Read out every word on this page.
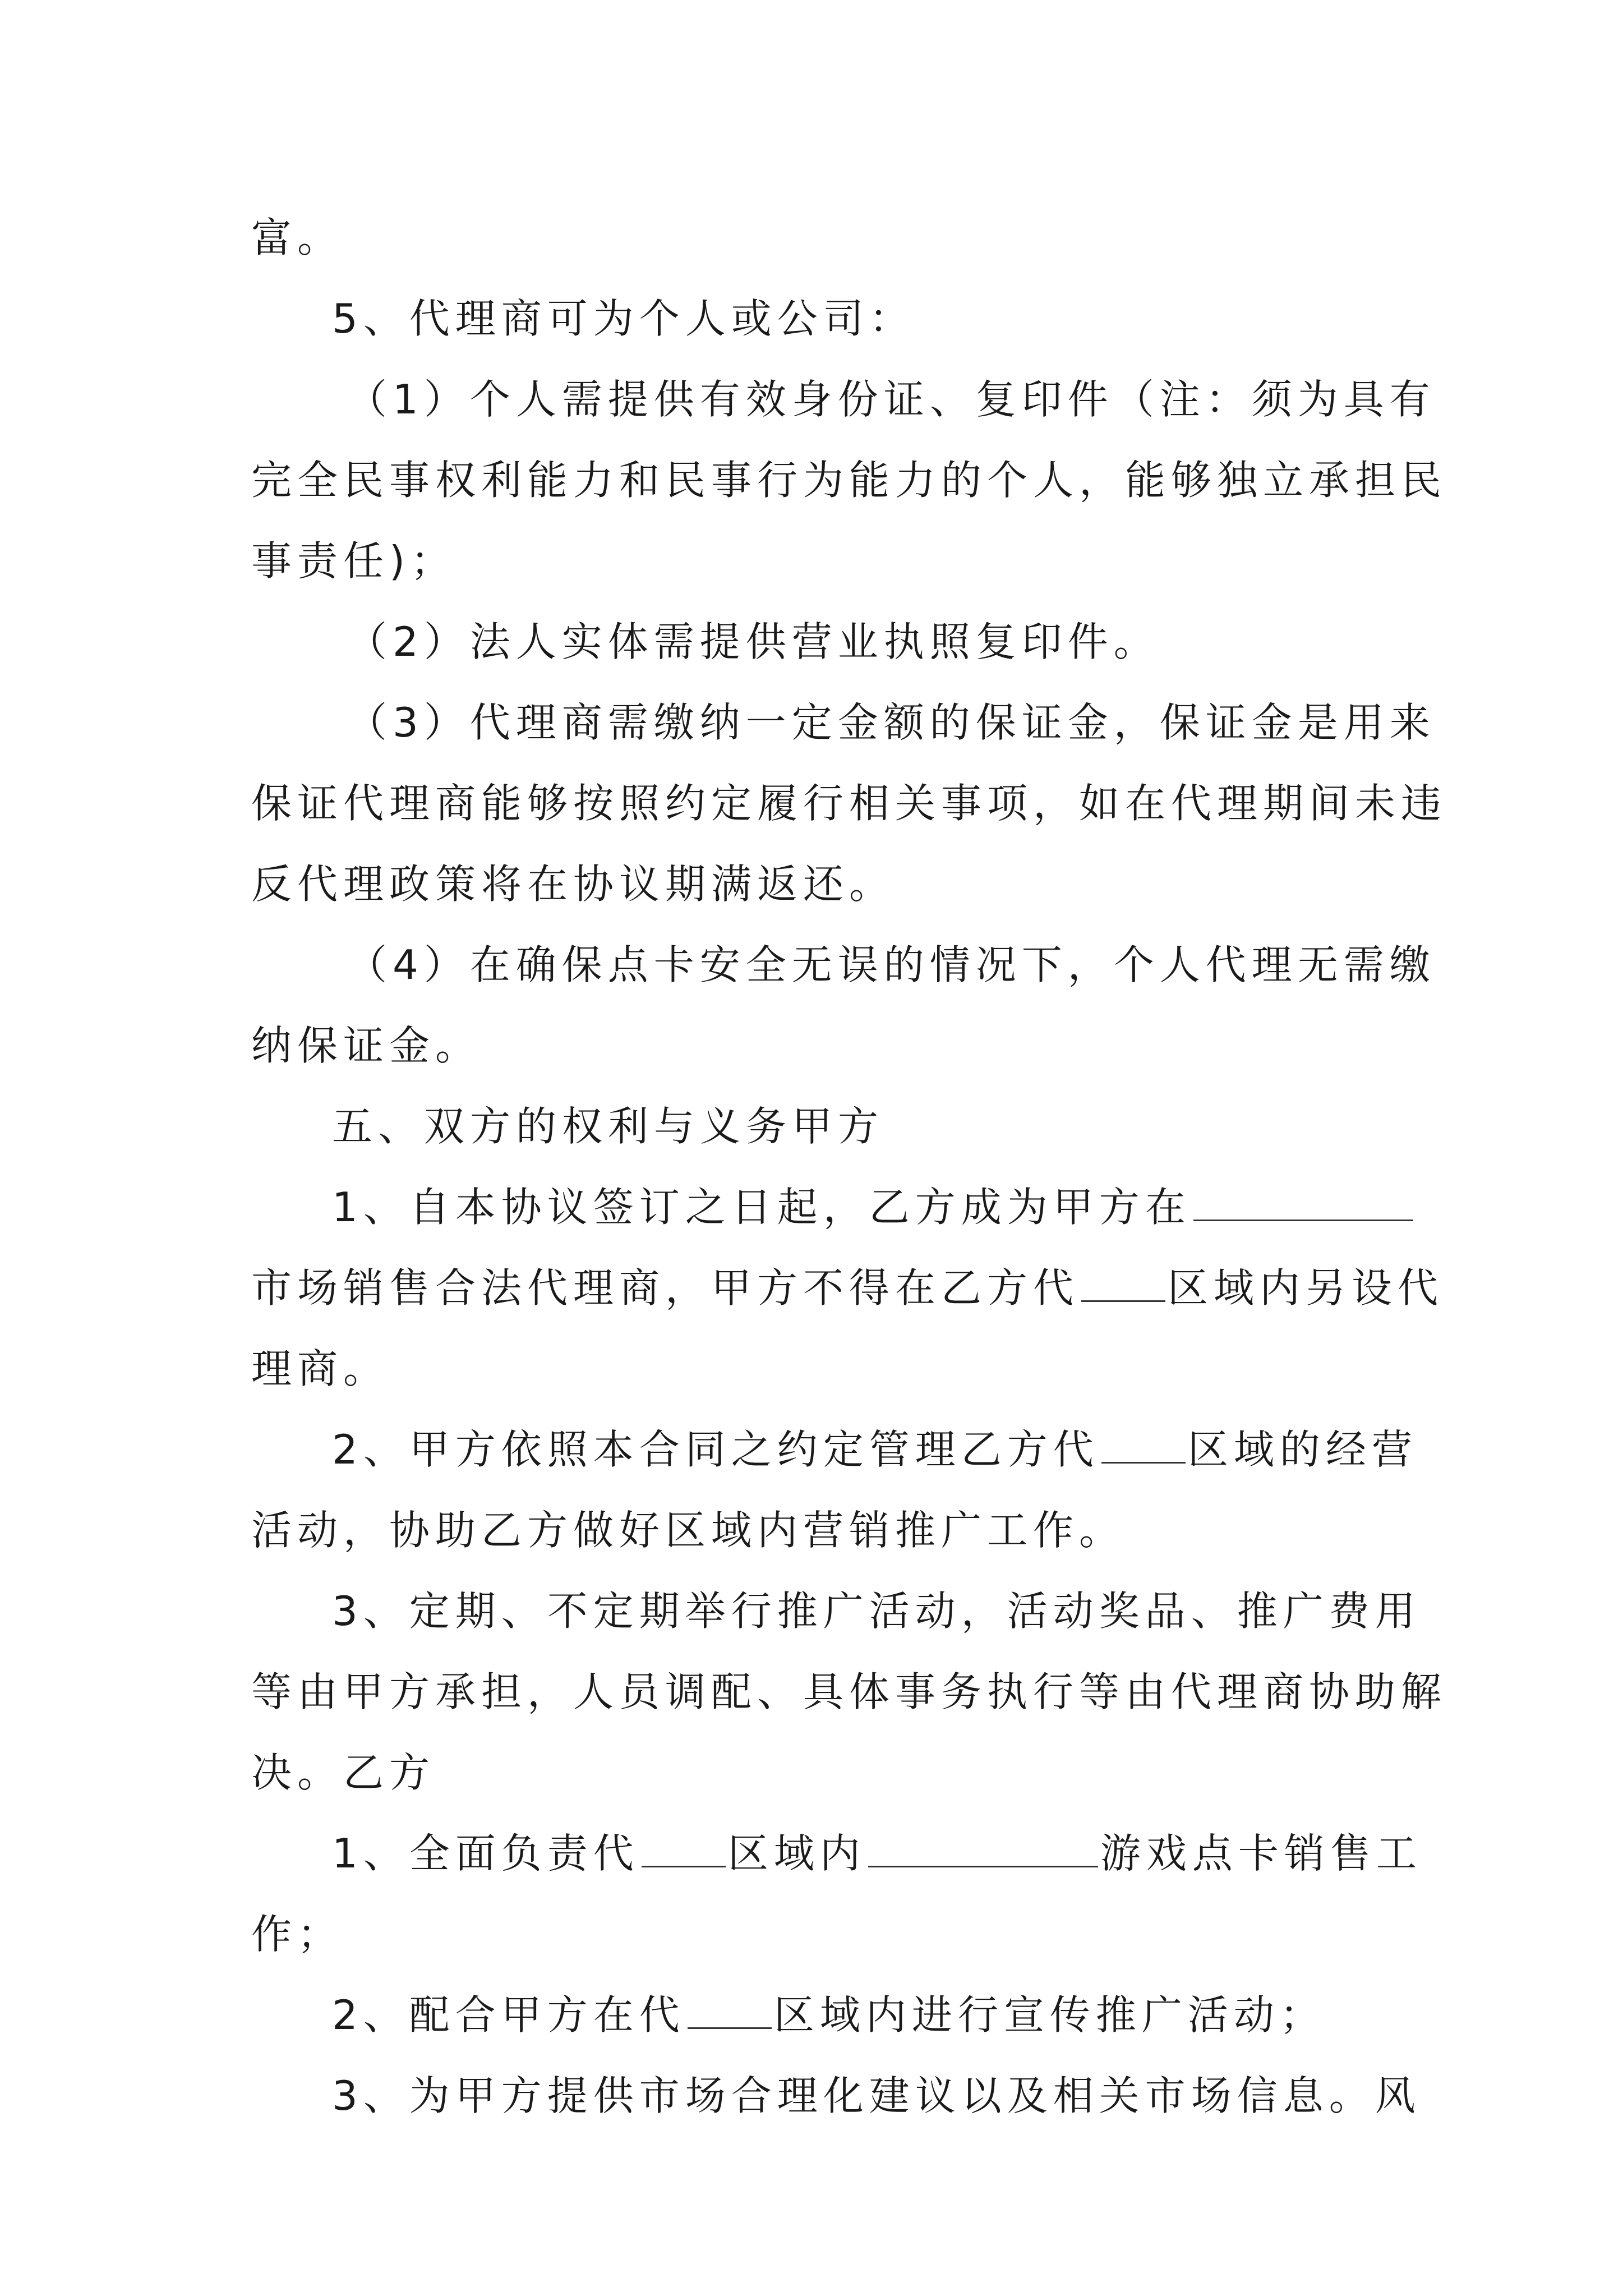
富。
5、代理商可为个人或公司：
（1）个人需提供有效身份证、复印件（注：须为具有
完全民事权利能力和民事行为能力的个人，能够独立承担民
事责任)；
（2）法人实体需提供营业执照复印件。
（3）代理商需缴纳一定金额的保证金，保证金是用来
保证代理商能够按照约定履行相关事项，如在代理期间未违
反代理政策将在协议期满返还。
（4）在确保点卡安全无误的情况下，个人代理无需缴
纳保证金。
五、双方的权利与义务甲方
1、自本协议签订之日起，乙方成为甲方在
市场销售合法代理商，甲方不得在乙方代 区域内另设代
理商。
2、甲方依照本合同之约定管理乙方代 区域的经营
活动，协助乙方做好区域内营销推广工作。
3、定期、不定期举行推广活动，活动奖品、推广费用
等由甲方承担，人员调配、具体事务执行等由代理商协助解
决。乙方
1、全面负责代 区域内	游戏点卡销售工
作；
2、配合甲方在代 区域内进行宣传推广活动；
3、为甲方提供市场合理化建议以及相关市场信息。风
